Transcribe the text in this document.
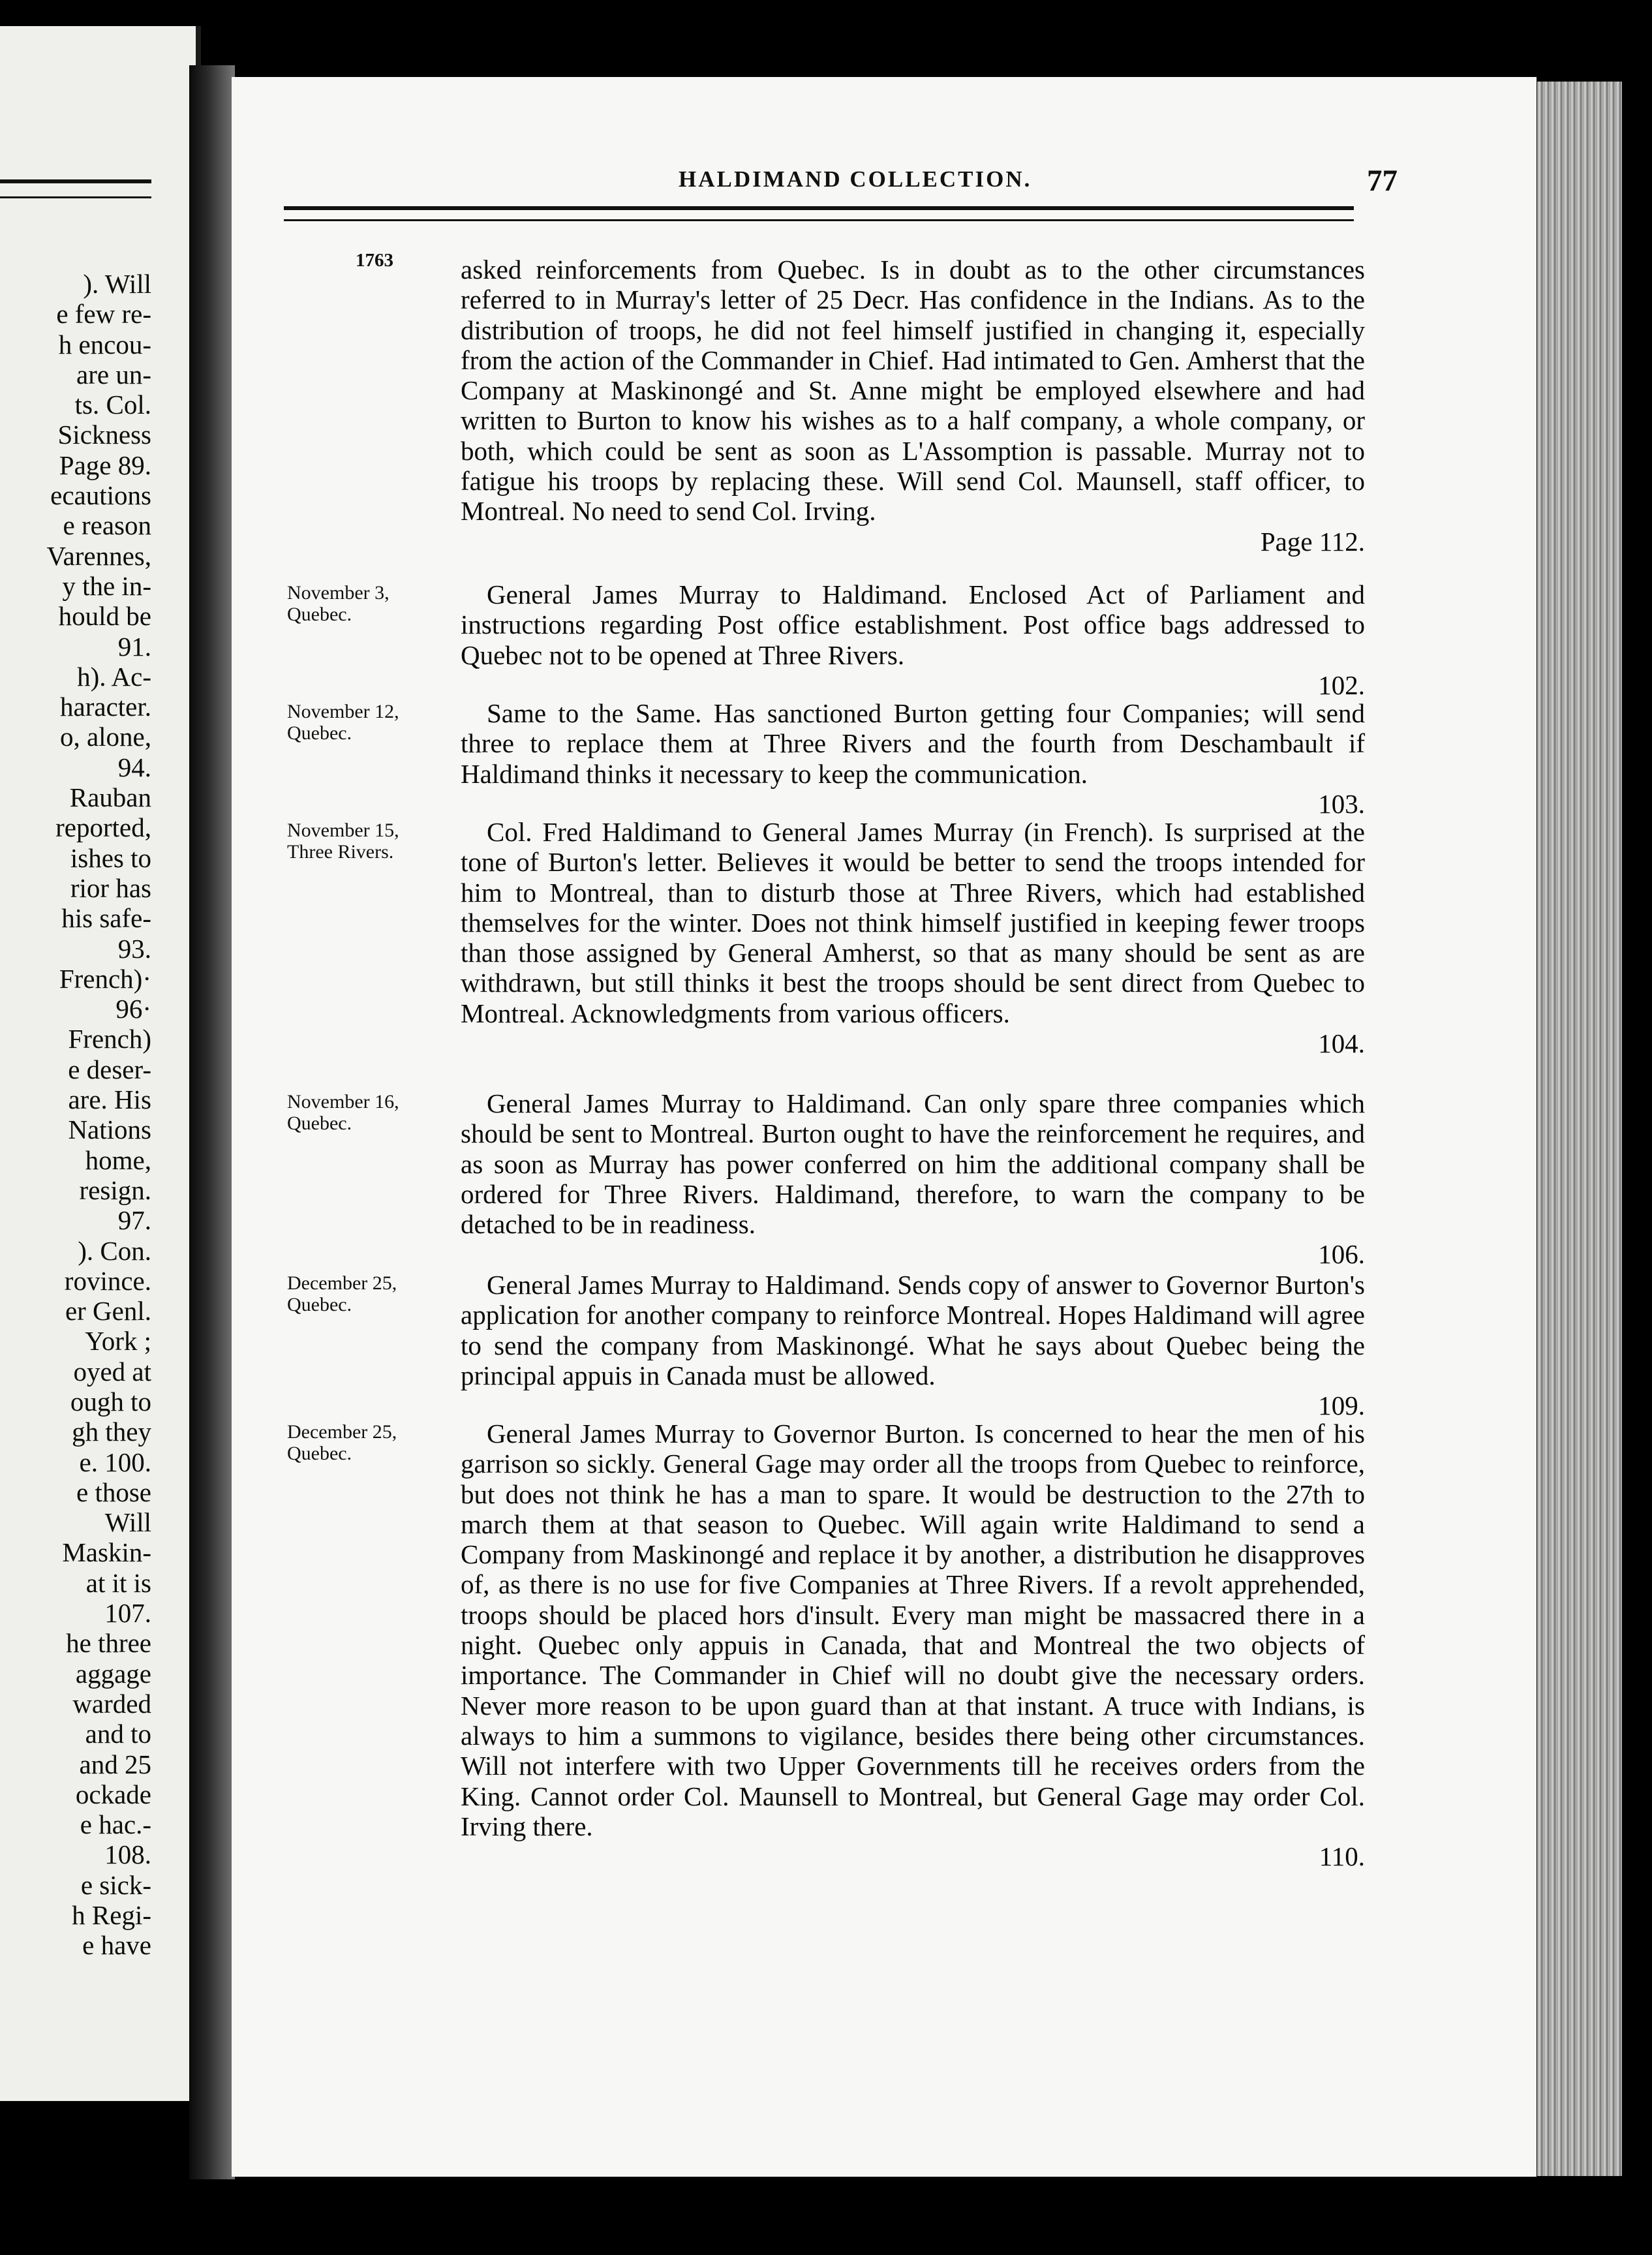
). Will
e few re-
h encou-
are un-
ts. Col.
Sickness
Page 89.
ecautions
e reason
Varennes,
y the in-
hould be
91.
h). Ac-
haracter.
o, alone,
94.
Rauban
reported,
ishes to
rior has
his safe-
93.
French)·
96·
French)
e deser-
are. His
Nations
home,
resign.
97.
). Con.
rovince.
er Genl.
York ;
oyed at
ough to
gh they
e. 100.
e those
Will
Maskin-
at it is
107.
he three
aggage
warded
and to
and 25
ockade
e hac.-
108.
e sick-
h Regi-
e have
HALDIMAND COLLECTION.	77
1763	asked reinforcements from Quebec. Is in doubt as to the other circumstances referred to in Murray's letter of 25 Decr. Has confidence in the Indians. As to the distribution of troops, he did not feel himself justified in changing it, especially from the action of the Commander in Chief. Had intimated to Gen. Amherst that the Company at Maskinongé and St. Anne might be employed elsewhere and had written to Burton to know his wishes as to a half company, a whole company, or both, which could be sent as soon as L'Assomption is passable. Murray not to fatigue his troops by replacing these. Will send Col. Maunsell, staff officer, to Montreal. No need to send Col. Irving.
Page 112.
November 3,
Quebec.
General James Murray to Haldimand. Enclosed Act of Parliament and instructions regarding Post office establishment. Post office bags addressed to Quebec not to be opened at Three Rivers.
102.
November 12,
Quebec.
Same to the Same. Has sanctioned Burton getting four Companies; will send three to replace them at Three Rivers and the fourth from Deschambault if Haldimand thinks it necessary to keep the communication.
103.
November 15,
Three Rivers.
Col. Fred Haldimand to General James Murray (in French). Is surprised at the tone of Burton's letter. Believes it would be better to send the troops intended for him to Montreal, than to disturb those at Three Rivers, which had established themselves for the winter. Does not think himself justified in keeping fewer troops than those assigned by General Amherst, so that as many should be sent as are withdrawn, but still thinks it best the troops should be sent direct from Quebec to Montreal. Acknowledgments from various officers.
104.
November 16,
Quebec.
General James Murray to Haldimand. Can only spare three companies which should be sent to Montreal. Burton ought to have the reinforcement he requires, and as soon as Murray has power conferred on him the additional company shall be ordered for Three Rivers. Haldimand, therefore, to warn the company to be detached to be in readiness.
106.
December 25,
Quebec.
General James Murray to Haldimand. Sends copy of answer to Governor Burton's application for another company to reinforce Montreal. Hopes Haldimand will agree to send the company from Maskinongé. What he says about Quebec being the principal appuis in Canada must be allowed.
109.
December 25,
Quebec.
General James Murray to Governor Burton. Is concerned to hear the men of his garrison so sickly. General Gage may order all the troops from Quebec to reinforce, but does not think he has a man to spare. It would be destruction to the 27th to march them at that season to Quebec. Will again write Haldimand to send a Company from Maskinongé and replace it by another, a distribution he disapproves of, as there is no use for five Companies at Three Rivers. If a revolt apprehended, troops should be placed hors d'insult. Every man might be massacred there in a night. Quebec only appuis in Canada, that and Montreal the two objects of importance. The Commander in Chief will no doubt give the necessary orders. Never more reason to be upon guard than at that instant. A truce with Indians, is always to him a summons to vigilance, besides there being other circumstances. Will not interfere with two Upper Governments till he receives orders from the King. Cannot order Col. Maunsell to Montreal, but General Gage may order Col. Irving there.
110.
